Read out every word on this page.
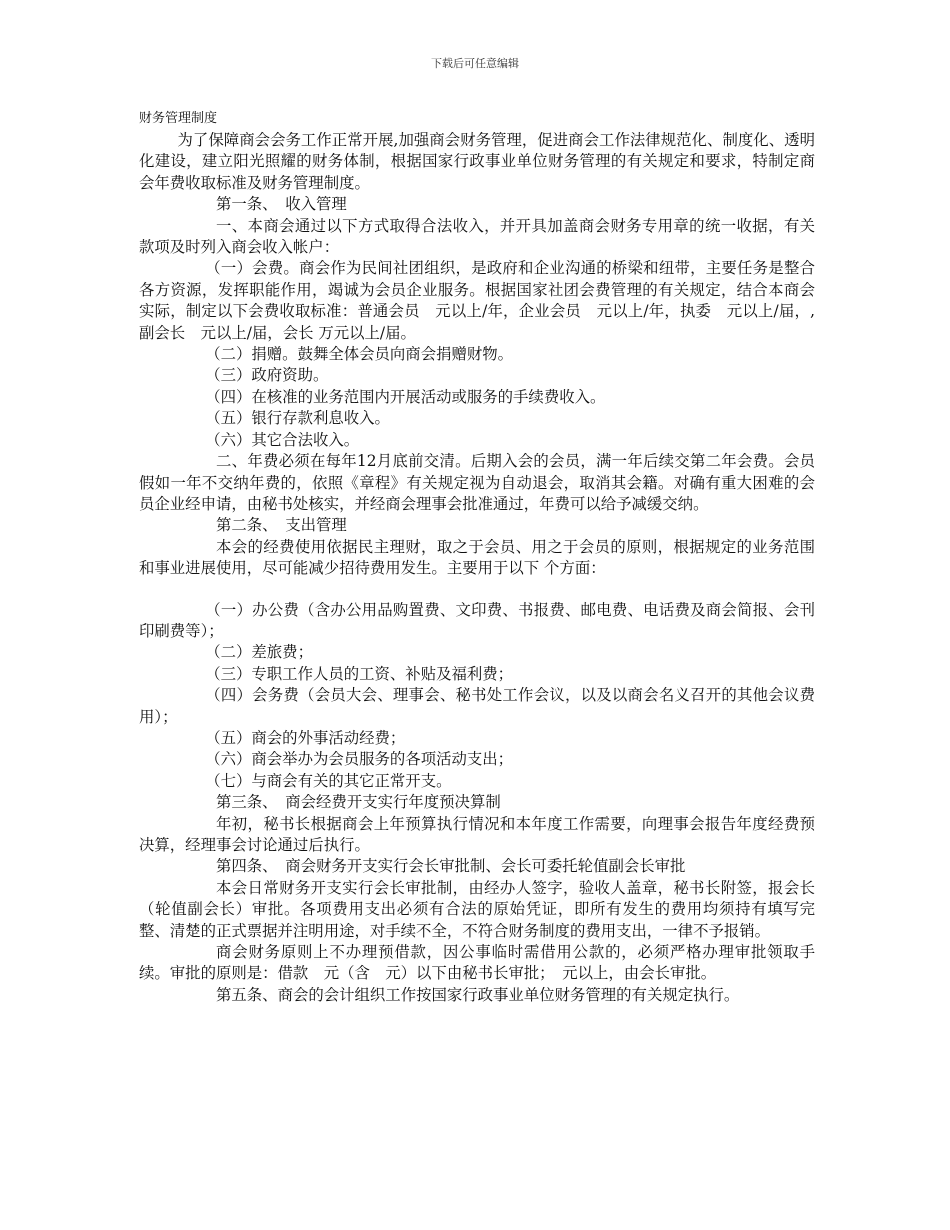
下载后可任意编辑
财务管理制度

为了保障商会会务工作正常开展,加强商会财务管理，促进商会工作法律规范化、制度化、透明化建设，建立阳光照耀的财务体制，根据国家行政事业单位财务管理的有关规定和要求，特制定商会年费收取标准及财务管理制度。

第一条、　收入管理

一、本商会通过以下方式取得合法收入，并开具加盖商会财务专用章的统一收据，有关款项及时列入商会收入帐户：

（一）会费。商会作为民间社团组织，是政府和企业沟通的桥梁和纽带，主要任务是整合各方资源，发挥职能作用，竭诚为会员企业服务。根据国家社团会费管理的有关规定，结合本商会实际，制定以下会费收取标准：普通会员　元以上/年，企业会员　元以上/年，执委　元以上/届，,副会长　元以上/届，会长 万元以上/届。

（二）捐赠。鼓舞全体会员向商会捐赠财物。

（三）政府资助。

（四）在核准的业务范围内开展活动或服务的手续费收入。

（五）银行存款利息收入。

（六）其它合法收入。

二、年费必须在每年12月底前交清。后期入会的会员，满一年后续交第二年会费。会员假如一年不交纳年费的，依照《章程》有关规定视为自动退会，取消其会籍。对确有重大困难的会员企业经申请，由秘书处核实，并经商会理事会批准通过，年费可以给予减缓交纳。

第二条、　支出管理

本会的经费使用依据民主理财，取之于会员、用之于会员的原则，根据规定的业务范围和事业进展使用，尽可能减少招待费用发生。主要用于以下 个方面：

（一）办公费（含办公用品购置费、文印费、书报费、邮电费、电话费及商会简报、会刊印刷费等）；

（二）差旅费；

（三）专职工作人员的工资、补贴及福利费；

（四）会务费（会员大会、理事会、秘书处工作会议，以及以商会名义召开的其他会议费用）；

（五）商会的外事活动经费；

（六）商会举办为会员服务的各项活动支出；

（七）与商会有关的其它正常开支。

第三条、　商会经费开支实行年度预决算制

年初，秘书长根据商会上年预算执行情况和本年度工作需要，向理事会报告年度经费预决算，经理事会讨论通过后执行。

第四条、　商会财务开支实行会长审批制、会长可委托轮值副会长审批

本会日常财务开支实行会长审批制，由经办人签字，验收人盖章，秘书长附签，报会长（轮值副会长）审批。各项费用支出必须有合法的原始凭证，即所有发生的费用均须持有填写完整、清楚的正式票据并注明用途，对手续不全，不符合财务制度的费用支出，一律不予报销。

商会财务原则上不办理预借款，因公事临时需借用公款的，必须严格办理审批领取手续。审批的原则是：借款　元（含　元）以下由秘书长审批；　元以上，由会长审批。

第五条、商会的会计组织工作按国家行政事业单位财务管理的有关规定执行。
